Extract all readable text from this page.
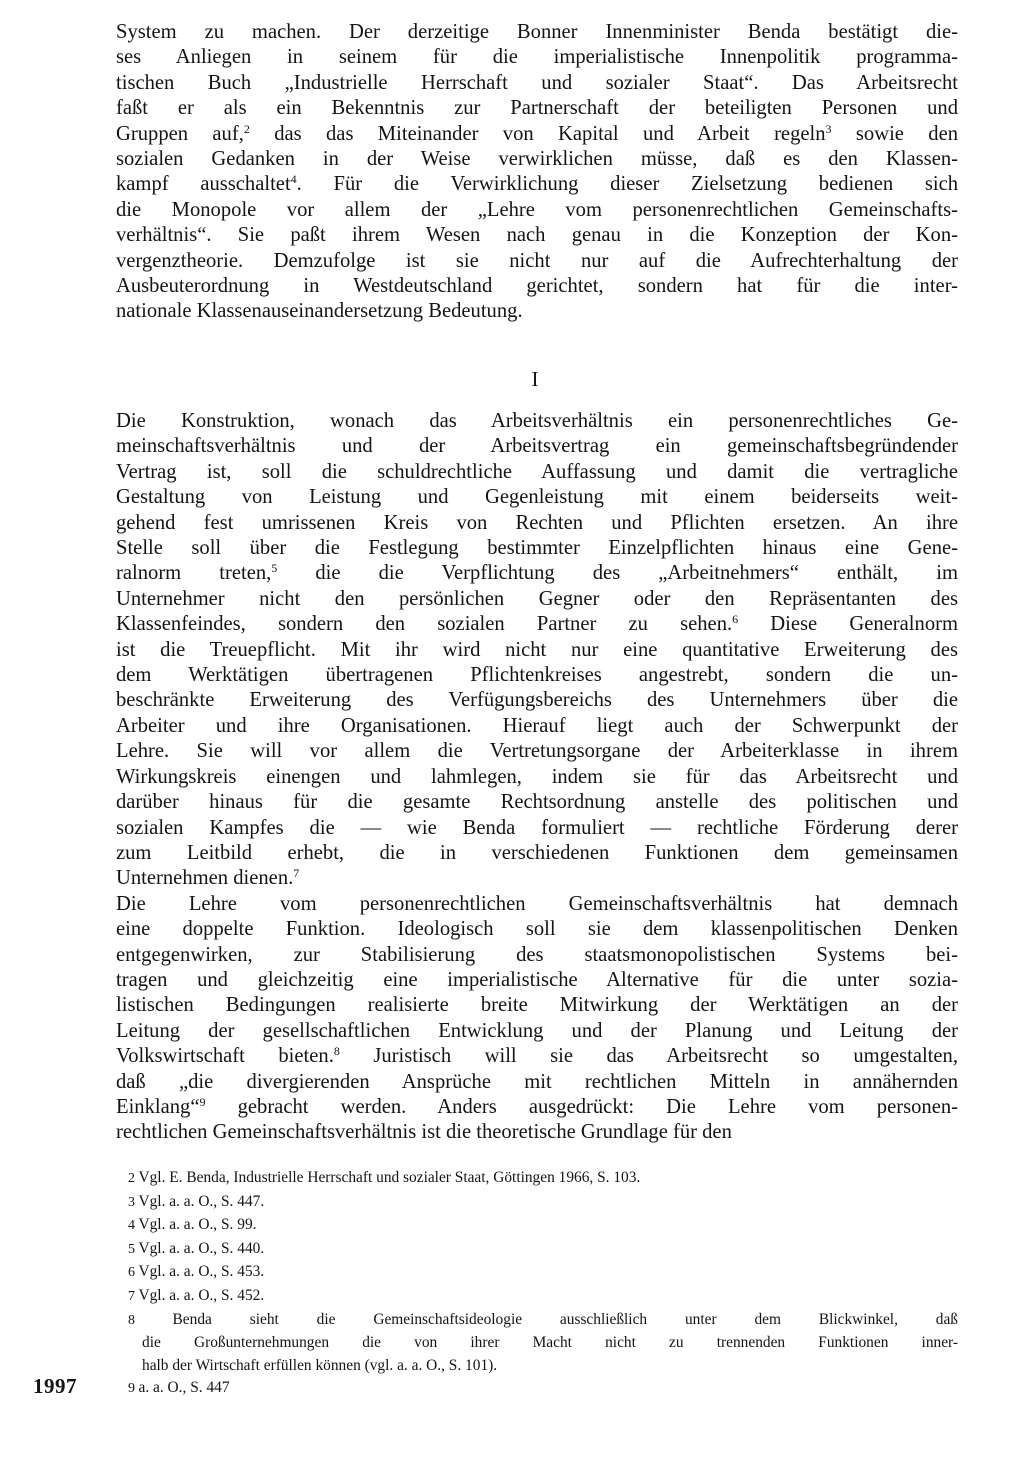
System zu machen. Der derzeitige Bonner Innenminister Benda bestätigt die-
ses Anliegen in seinem für die imperialistische Innenpolitik programma-
tischen Buch „Industrielle Herrschaft und sozialer Staat“. Das Arbeitsrecht
faßt er als ein Bekenntnis zur Partnerschaft der beteiligten Personen und
Gruppen auf,$^2$ das das Miteinander von Kapital und Arbeit regeln$^3$ sowie den
sozialen Gedanken in der Weise verwirklichen müsse, daß es den Klassen-
kampf ausschaltet$^4$. Für die Verwirklichung dieser Zielsetzung bedienen sich
die Monopole vor allem der „Lehre vom personenrechtlichen Gemeinschafts-
verhältnis“. Sie paßt ihrem Wesen nach genau in die Konzeption der Kon-
vergenztheorie. Demzufolge ist sie nicht nur auf die Aufrechterhaltung der
Ausbeuterordnung in Westdeutschland gerichtet, sondern hat für die inter-
nationale Klassenauseinandersetzung Bedeutung.
I
Die Konstruktion, wonach das Arbeitsverhältnis ein personenrechtliches Ge-
meinschaftsverhältnis und der Arbeitsvertrag ein gemeinschaftsbegründender
Vertrag ist, soll die schuldrechtliche Auffassung und damit die vertragliche
Gestaltung von Leistung und Gegenleistung mit einem beiderseits weit-
gehend fest umrissenen Kreis von Rechten und Pflichten ersetzen. An ihre
Stelle soll über die Festlegung bestimmter Einzelpflichten hinaus eine Gene-
ralnorm treten,$^5$ die die Verpflichtung des „Arbeitnehmers“ enthält, im
Unternehmer nicht den persönlichen Gegner oder den Repräsentanten des
Klassenfeindes, sondern den sozialen Partner zu sehen.$^6$ Diese Generalnorm
ist die Treuepflicht. Mit ihr wird nicht nur eine quantitative Erweiterung des
dem Werktätigen übertragenen Pflichtenkreises angestrebt, sondern die un-
beschränkte Erweiterung des Verfügungsbereichs des Unternehmers über die
Arbeiter und ihre Organisationen. Hierauf liegt auch der Schwerpunkt der
Lehre. Sie will vor allem die Vertretungsorgane der Arbeiterklasse in ihrem
Wirkungskreis einengen und lahmlegen, indem sie für das Arbeitsrecht und
darüber hinaus für die gesamte Rechtsordnung anstelle des politischen und
sozialen Kampfes die — wie Benda formuliert — rechtliche Förderung derer
zum Leitbild erhebt, die in verschiedenen Funktionen dem gemeinsamen
Unternehmen dienen.$^7$
Die Lehre vom personenrechtlichen Gemeinschaftsverhältnis hat demnach
eine doppelte Funktion. Ideologisch soll sie dem klassenpolitischen Denken
entgegenwirken, zur Stabilisierung des staatsmonopolistischen Systems bei-
tragen und gleichzeitig eine imperialistische Alternative für die unter sozia-
listischen Bedingungen realisierte breite Mitwirkung der Werktätigen an der
Leitung der gesellschaftlichen Entwicklung und der Planung und Leitung der
Volkswirtschaft bieten.$^8$ Juristisch will sie das Arbeitsrecht so umgestalten,
daß „die divergierenden Ansprüche mit rechtlichen Mitteln in annähernden
Einklang“$^9$ gebracht werden. Anders ausgedrückt: Die Lehre vom personen-
rechtlichen Gemeinschaftsverhältnis ist die theoretische Grundlage für den
2 Vgl. E. Benda, Industrielle Herrschaft und sozialer Staat, Göttingen 1966, S. 103.
3 Vgl. a. a. O., S. 447.
4 Vgl. a. a. O., S. 99.
5 Vgl. a. a. O., S. 440.
6 Vgl. a. a. O., S. 453.
7 Vgl. a. a. O., S. 452.
8 Benda sieht die Gemeinschaftsideologie ausschließlich unter dem Blickwinkel, daß
die Großunternehmungen die von ihrer Macht nicht zu trennenden Funktionen inner-
halb der Wirtschaft erfüllen können (vgl. a. a. O., S. 101).
9 a. a. O., S. 447
1997
